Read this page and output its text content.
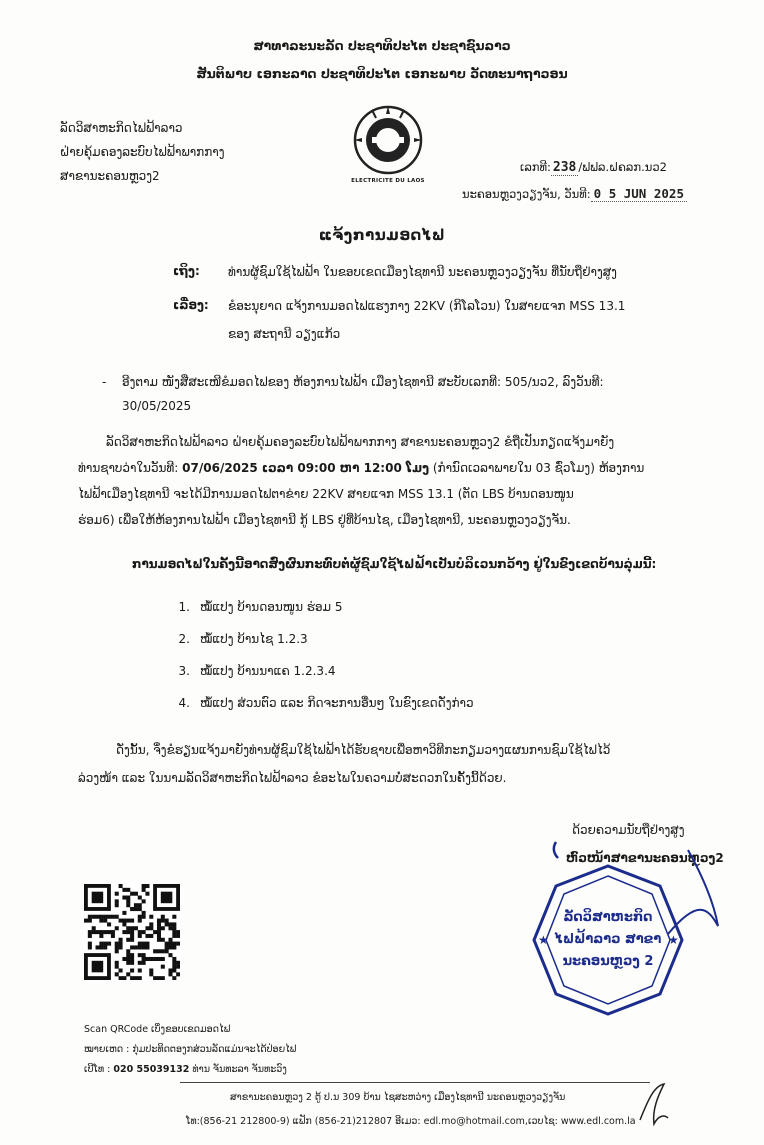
ສາທາລະນະລັດ ປະຊາທິປະໄຕ ປະຊາຊົນລາວ
ສັນຕິພາບ ເອກະລາດ ປະຊາທິປະໄຕ ເອກະພາບ ວັດທະນາຖາວອນ
ລັດວິສາຫະກິດໄຟຟ້າລາວ
ຝ່າຍຄຸ້ມຄອງລະບົບໄຟຟ້າພາກກາງ
ສາຂານະຄອນຫຼວງ2	ELECTRICITE DU LAOS
ເລກທີ: 238 /ຟຟລ.ຝຄລກ.ນວ2
ນະຄອນຫຼວງວຽງຈັນ, ວັນທີ: 0 5 JUN 2025
ແຈ້ງການມອດໄຟ
ເຖິງ: ທ່ານຜູ້ຊົມໃຊ້ໄຟຟ້າ ໃນຂອບເຂດເມືອງໄຊທານີ ນະຄອນຫຼວງວຽງຈັນ ທີ່ນັບຖືຢ່າງສູງ
ເລື່ອງ: ຂໍອະນຸຍາດ ແຈ້ງການມອດໄຟແຮງກາງ 22KV (ກິໂລໂວນ) ໃນສາຍແຈກ MSS 13.1
ຂອງ ສະຖານີ ວຽງແກ້ວ
- ອີງຕາມ ໜັງສືສະເໜີຂໍມອດໄຟຂອງ ຫ້ອງການໄຟຟ້າ ເມືອງໄຊທານີ ສະບັບເລກທີ: 505/ນວ2, ລົງວັນທີ:
30/05/2025
ລັດວິສາຫະກິດໄຟຟ້າລາວ ຝ່າຍຄຸ້ມຄອງລະບົບໄຟຟ້າພາກກາງ ສາຂານະຄອນຫຼວງ2 ຂໍຖືເປັນກຽດແຈ້ງມາຍັງ
ທ່ານຊາບວ່າໃນວັນທີ: 07/06/2025 ເວລາ 09:00 ຫາ 12:00 ໂມງ (ກຳນົດເວລາພາຍໃນ 03 ຊົ່ວໂມງ) ຫ້ອງການ
ໄຟຟ້າເມືອງໄຊທານີ ຈະໄດ້ມີການມອດໄຟຕາຂ່າຍ 22KV ສາຍແຈກ MSS 13.1 (ຕັດ LBS ບ້ານດອນໜູນ
ຮ່ອມ6) ເພື່ອໃຫ້ຫ້ອງການໄຟຟ້າ ເມືອງໄຊທານີ ກູ້ LBS ຢູ່ທີ່ບ້ານໄຊ, ເມືອງໄຊທານີ, ນະຄອນຫຼວງວຽງຈັນ.
ການມອດໄຟໃນຄັ້ງນີ້ອາດສົ່ງຜົນກະທົບຕໍ່ຜູ້ຊົມໃຊ້ໄຟຟ້າເປັນບໍລິເວນກວ້າງ ຢູ່ໃນຂົງເຂດບ້ານລຸ່ມນີ້:
1. ໝໍ້ແປງ ບ້ານດອນໜູນ ຮ່ອມ 5
2. ໝໍ້ແປງ ບ້ານໄຊ 1.2.3
3. ໝໍ້ແປງ ບ້ານນາແຄ 1.2.3.4
4. ໝໍ້ແປງ ສ່ວນຕົວ ແລະ ກິດຈະການອື່ນໆ ໃນຂົງເຂດດັ່ງກ່າວ
ດັ່ງນັ້ນ, ຈຶ່ງຂໍຮຽນແຈ້ງມາຍັງທ່ານຜູ້ຊົມໃຊ້ໄຟຟ້າໄດ້ຮັບຊາບເພື່ອຫາວິທີກະກຽມວາງແຜນການຊົມໃຊ້ໄຟໄວ້
ລ່ວງໜ້າ ແລະ ໃນນາມລັດວິສາຫະກິດໄຟຟ້າລາວ ຂໍອະໄພໃນຄວາມບໍ່ສະດວກໃນຄັ້ງນີ້ດ້ວຍ.
ດ້ວຍຄວາມນັບຖືຢ່າງສູງ
ຫົວໜ້າສາຂານະຄອນຫຼວງ2
★	★
ລັດວິສາຫະກິດ
ໄຟຟ້າລາວ ສາຂາ
ນະຄອນຫຼວງ 2
Scan QRCode ເບິ່ງຂອບເຂດມອດໄຟ
ໝາຍເຫດ : ກຸ່ມປະທິດຕອງກສ່ວນລັດແມ່ນຈະໄດ້ປ່ອຍໄຟ
ເບີໂທ : 020 55039132 ທ່ານ ຈັນທະລາ ຈັນທະວົງ
ສາຂານະຄອນຫຼວງ 2 ຕູ້ ປ.ນ 309 ບ້ານ ໄຊສະຫວ່າງ ເມືອງໄຊທານີ ນະຄອນຫຼວງວຽງຈັນ
ໂທ:(856-21 212800-9) ແຟັກ (856-21)212807 ອີເມວ: edl.mo@hotmail.com,ເວບໄຊ: www.edl.com.la
